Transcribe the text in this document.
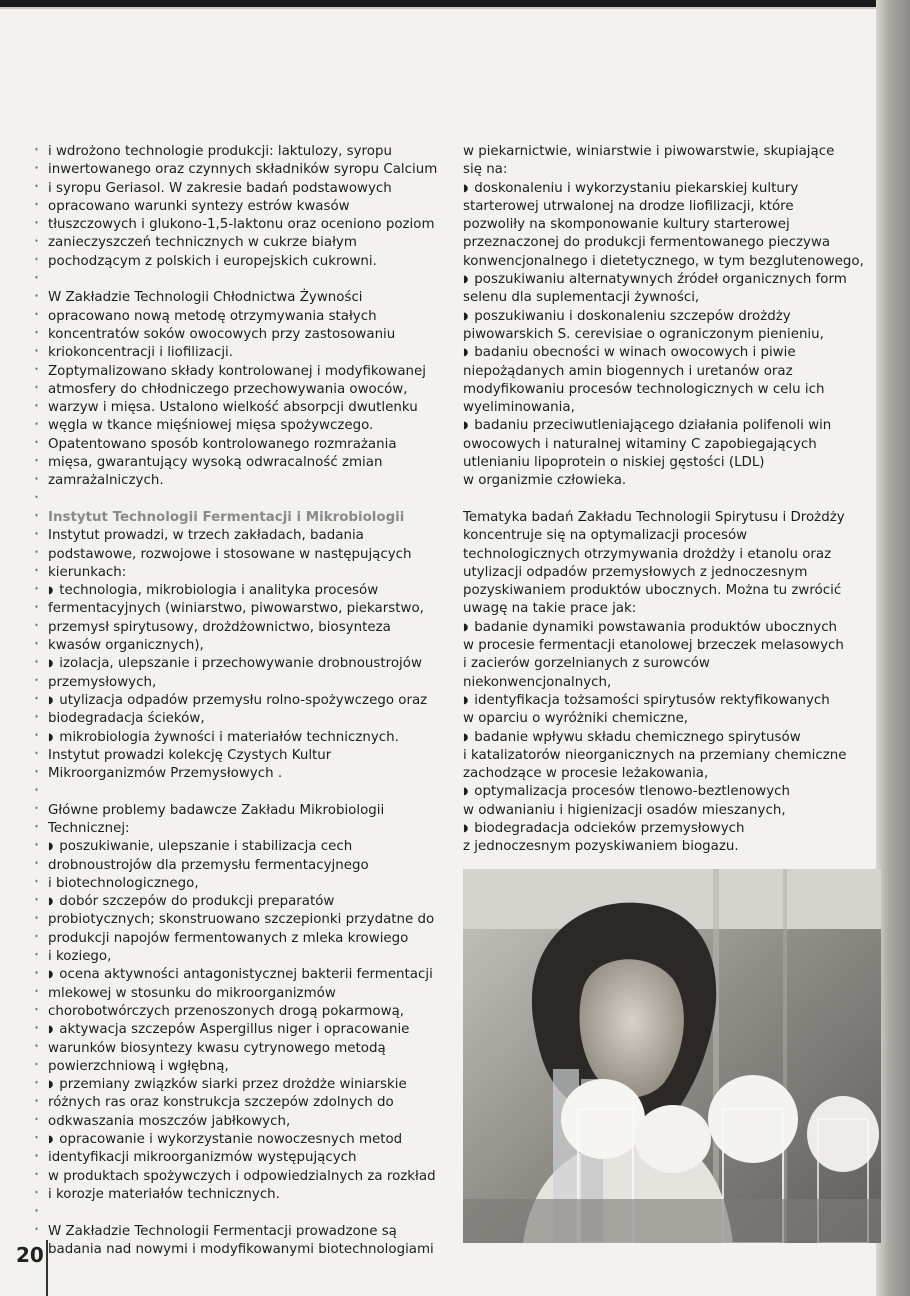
i wdrożono technologie produkcji: laktulozy, syropu

inwertowanego oraz czynnych składników syropu Calcium

i syropu Geriasol. W zakresie badań podstawowych

opracowano warunki syntezy estrów kwasów

tłuszczowych i glukono-1,5-laktonu oraz oceniono poziom

zanieczyszczeń technicznych w cukrze białym

pochodzącym z polskich i europejskich cukrowni.

W Zakładzie Technologii Chłodnictwa Żywności

opracowano nową metodę otrzymywania stałych

koncentratów soków owocowych przy zastosowaniu

kriokoncentracji i liofilizacji.

Zoptymalizowano składy kontrolowanej i modyfikowanej

atmosfery do chłodniczego przechowywania owoców,

warzyw i mięsa. Ustalono wielkość absorpcji dwutlenku

węgla w tkance mięśniowej mięsa spożywczego.

Opatentowano sposób kontrolowanego rozmrażania

mięsa, gwarantujący wysoką odwracalność zmian

zamrażalniczych.

Instytut Technologii Fermentacji i Mikrobiologii

Instytut prowadzi, w trzech zakładach, badania

podstawowe, rozwojowe i stosowane w następujących

kierunkach:

◗ technologia, mikrobiologia i analityka procesów

fermentacyjnych (winiarstwo, piwowarstwo, piekarstwo,

przemysł spirytusowy, drożdżownictwo, biosynteza

kwasów organicznych),

◗ izolacja, ulepszanie i przechowywanie drobnoustrojów

przemysłowych,

◗ utylizacja odpadów przemysłu rolno-spożywczego oraz

biodegradacja ścieków,

◗ mikrobiologia żywności i materiałów technicznych.

Instytut prowadzi kolekcję Czystych Kultur

Mikroorganizmów Przemysłowych .

Główne problemy badawcze Zakładu Mikrobiologii

Technicznej:

◗ poszukiwanie, ulepszanie i stabilizacja cech

drobnoustrojów dla przemysłu fermentacyjnego

i biotechnologicznego,

◗ dobór szczepów do produkcji preparatów

probiotycznych; skonstruowano szczepionki przydatne do

produkcji napojów fermentowanych z mleka krowiego

i koziego,

◗ ocena aktywności antagonistycznej bakterii fermentacji

mlekowej w stosunku do mikroorganizmów

chorobotwórczych przenoszonych drogą pokarmową,

◗ aktywacja szczepów Aspergillus niger i opracowanie

warunków biosyntezy kwasu cytrynowego metodą

powierzchniową i wgłębną,

◗ przemiany związków siarki przez drożdże winiarskie

różnych ras oraz konstrukcja szczepów zdolnych do

odkwaszania moszczów jabłkowych,

◗ opracowanie i wykorzystanie nowoczesnych metod

identyfikacji mikroorganizmów występujących

w produktach spożywczych i odpowiedzialnych za rozkład

i korozje materiałów technicznych.

W Zakładzie Technologii Fermentacji prowadzone są

badania nad nowymi i modyfikowanymi biotechnologiami

w piekarnictwie, winiarstwie i piwowarstwie, skupiające

się na:

◗ doskonaleniu i wykorzystaniu piekarskiej kultury

starterowej utrwalonej na drodze liofilizacji, które

pozwoliły na skomponowanie kultury starterowej

przeznaczonej do produkcji fermentowanego pieczywa

konwencjonalnego i dietetycznego, w tym bezglutenowego,

◗ poszukiwaniu alternatywnych źródeł organicznych form

selenu dla suplementacji żywności,

◗ poszukiwaniu i doskonaleniu szczepów drożdży

piwowarskich S. cerevisiae o ograniczonym pienieniu,

◗ badaniu obecności w winach owocowych i piwie

niepożądanych amin biogennych i uretanów oraz

modyfikowaniu procesów technologicznych w celu ich

wyeliminowania,

◗ badaniu przeciwutleniającego działania polifenoli win

owocowych i naturalnej witaminy C zapobiegających

utlenianiu lipoprotein o niskiej gęstości (LDL)

w organizmie człowieka.

Tematyka badań Zakładu Technologii Spirytusu i Drożdży

koncentruje się na optymalizacji procesów

technologicznych otrzymywania drożdży i etanolu oraz

utylizacji odpadów przemysłowych z jednoczesnym

pozyskiwaniem produktów ubocznych. Można tu zwrócić

uwagę na takie prace jak:

◗ badanie dynamiki powstawania produktów ubocznych

w procesie fermentacji etanolowej brzeczek melasowych

i zacierów gorzelnianych z surowców

niekonwencjonalnych,

◗ identyfikacja tożsamości spirytusów rektyfikowanych

w oparciu o wyróżniki chemiczne,

◗ badanie wpływu składu chemicznego spirytusów

i katalizatorów nieorganicznych na przemiany chemiczne

zachodzące w procesie leżakowania,

◗ optymalizacja procesów tlenowo-beztlenowych

w odwanianiu i higienizacji osadów mieszanych,

◗ biodegradacja odcieków przemysłowych

z jednoczesnym pozyskiwaniem biogazu.

20
